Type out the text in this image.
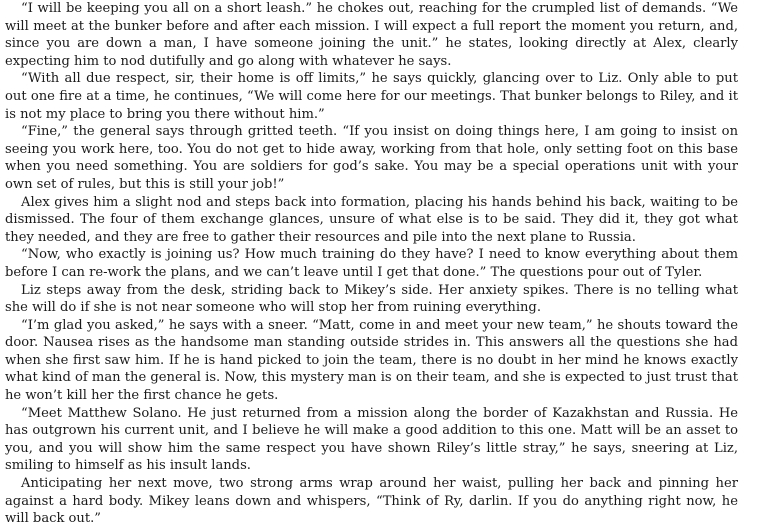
“I will be keeping you all on a short leash.” he chokes out, reaching for the crumpled list of demands. “We will meet at the bunker before and after each mission. I will expect a full report the moment you return, and, since you are down a man, I have someone joining the unit.” he states, looking directly at Alex, clearly expecting him to nod dutifully and go along with whatever he says.

“With all due respect, sir, their home is off limits,” he says quickly, glancing over to Liz. Only able to put out one fire at a time, he continues, “We will come here for our meetings. That bunker belongs to Riley, and it is not my place to bring you there without him.”

“Fine,” the general says through gritted teeth. “If you insist on doing things here, I am going to insist on seeing you work here, too. You do not get to hide away, working from that hole, only setting foot on this base when you need something. You are soldiers for god’s sake. You may be a special operations unit with your own set of rules, but this is still your job!”

Alex gives him a slight nod and steps back into formation, placing his hands behind his back, waiting to be dismissed. The four of them exchange glances, unsure of what else is to be said. They did it, they got what they needed, and they are free to gather their resources and pile into the next plane to Russia.

“Now, who exactly is joining us? How much training do they have? I need to know everything about them before I can re-work the plans, and we can’t leave until I get that done.” The questions pour out of Tyler.

Liz steps away from the desk, striding back to Mikey’s side. Her anxiety spikes. There is no telling what she will do if she is not near someone who will stop her from ruining everything.

“I’m glad you asked,” he says with a sneer. “Matt, come in and meet your new team,” he shouts toward the door. Nausea rises as the handsome man standing outside strides in. This answers all the questions she had when she first saw him. If he is hand picked to join the team, there is no doubt in her mind he knows exactly what kind of man the general is. Now, this mystery man is on their team, and she is expected to just trust that he won’t kill her the first chance he gets.

“Meet Matthew Solano. He just returned from a mission along the border of Kazakhstan and Russia. He has outgrown his current unit, and I believe he will make a good addition to this one. Matt will be an asset to you, and you will show him the same respect you have shown Riley’s little stray,” he says, sneering at Liz, smiling to himself as his insult lands.

Anticipating her next move, two strong arms wrap around her waist, pulling her back and pinning her against a hard body. Mikey leans down and whispers, “Think of Ry, darlin. If you do anything right now, he will back out.”
